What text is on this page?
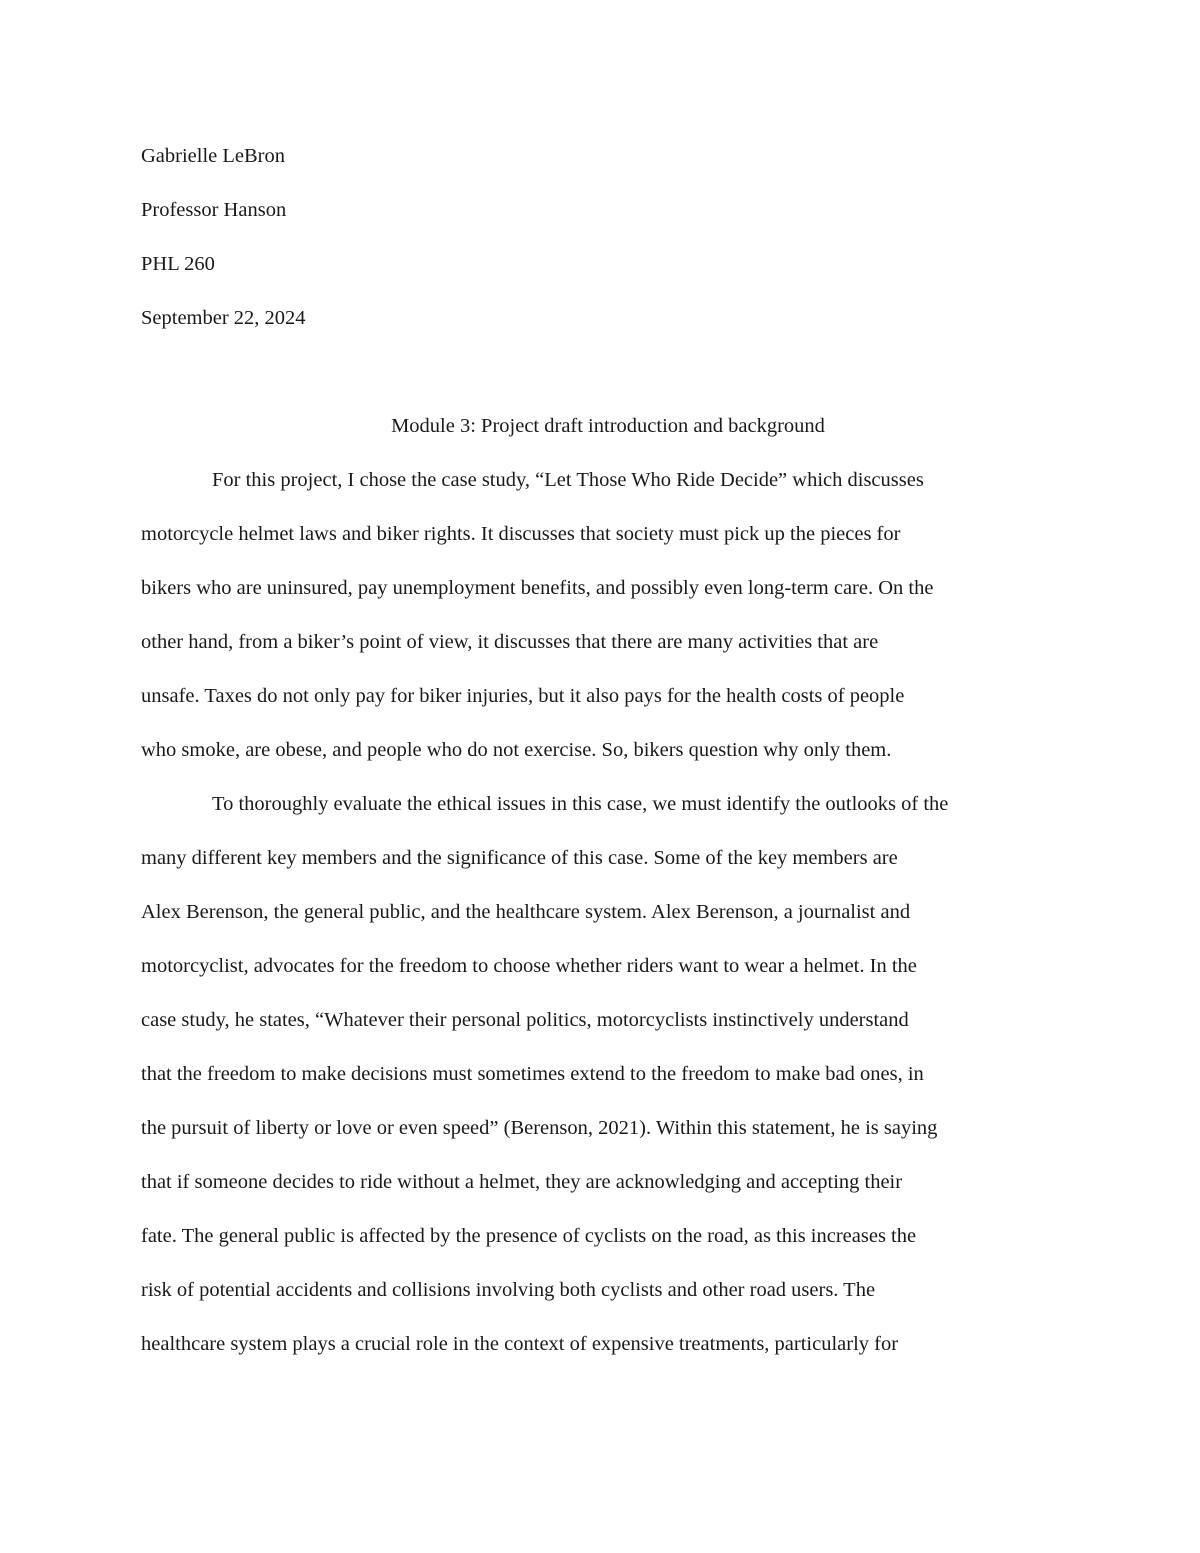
Gabrielle LeBron

Professor Hanson

PHL 260

September 22, 2024

Module 3: Project draft introduction and background

For this project, I chose the case study, “Let Those Who Ride Decide” which discusses
motorcycle helmet laws and biker rights. It discusses that society must pick up the pieces for
bikers who are uninsured, pay unemployment benefits, and possibly even long-term care. On the
other hand, from a biker’s point of view, it discusses that there are many activities that are
unsafe. Taxes do not only pay for biker injuries, but it also pays for the health costs of people
who smoke, are obese, and people who do not exercise. So, bikers question why only them.
To thoroughly evaluate the ethical issues in this case, we must identify the outlooks of the
many different key members and the significance of this case. Some of the key members are
Alex Berenson, the general public, and the healthcare system. Alex Berenson, a journalist and
motorcyclist, advocates for the freedom to choose whether riders want to wear a helmet. In the
case study, he states, “Whatever their personal politics, motorcyclists instinctively understand
that the freedom to make decisions must sometimes extend to the freedom to make bad ones, in
the pursuit of liberty or love or even speed” (Berenson, 2021). Within this statement, he is saying
that if someone decides to ride without a helmet, they are acknowledging and accepting their
fate. The general public is affected by the presence of cyclists on the road, as this increases the
risk of potential accidents and collisions involving both cyclists and other road users. The
healthcare system plays a crucial role in the context of expensive treatments, particularly for
